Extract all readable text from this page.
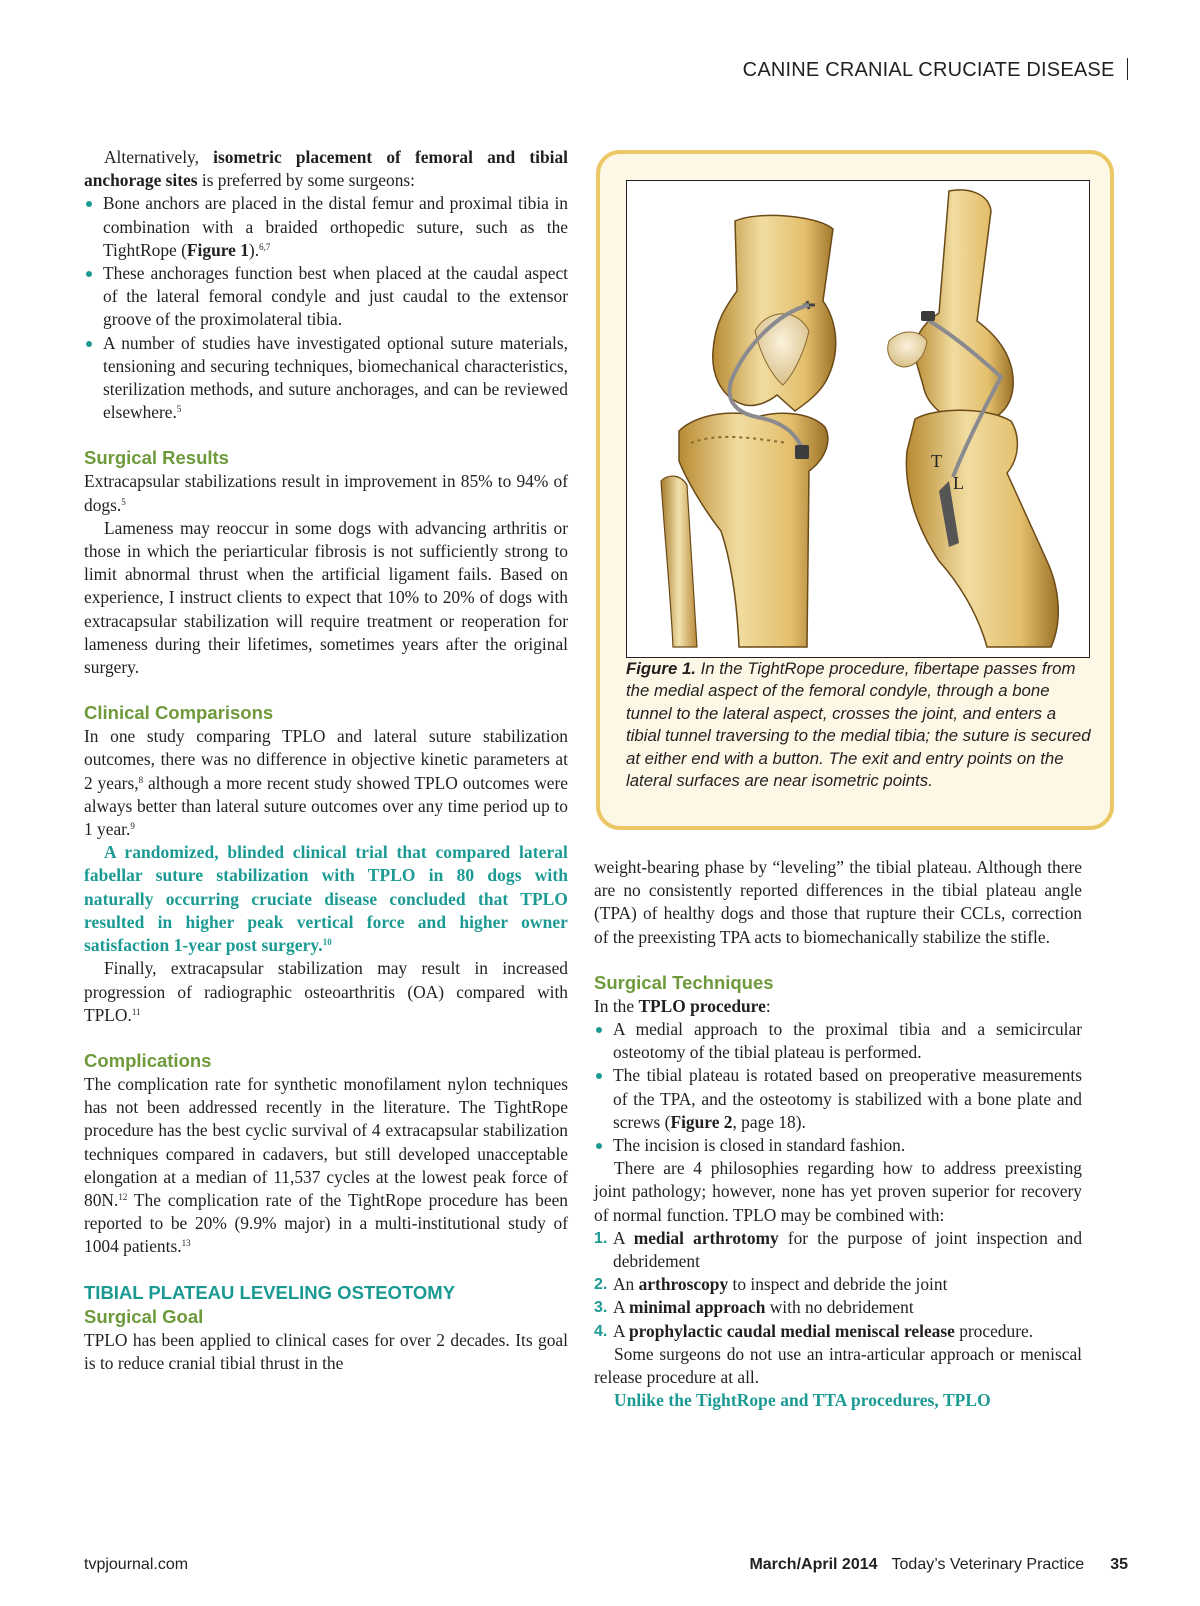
CANINE CRANIAL CRUCIATE DISEASE

Alternatively, isometric placement of femoral and tibial anchorage sites is preferred by some surgeons:

Bone anchors are placed in the distal femur and proximal tibia in combination with a braided orthopedic suture, such as the TightRope (Figure 1).$^{6,7}$
These anchorages function best when placed at the caudal aspect of the lateral femoral condyle and just caudal to the extensor groove of the proximolateral tibia.
A number of studies have investigated optional suture materials, tensioning and securing techniques, biomechanical characteristics, sterilization methods, and suture anchorages, and can be reviewed elsewhere.$^5$
Surgical Results

Extracapsular stabilizations result in improvement in 85% to 94% of dogs.$^5$

Lameness may reoccur in some dogs with advancing arthritis or those in which the periarticular fibrosis is not sufficiently strong to limit abnormal thrust when the artificial ligament fails. Based on experience, I instruct clients to expect that 10% to 20% of dogs with extracapsular stabilization will require treatment or reoperation for lameness during their lifetimes, sometimes years after the original surgery.

Clinical Comparisons

In one study comparing TPLO and lateral suture stabilization outcomes, there was no difference in objective kinetic parameters at 2 years,$^8$ although a more recent study showed TPLO outcomes were always better than lateral suture outcomes over any time period up to 1 year.$^9$

A randomized, blinded clinical trial that compared lateral fabellar suture stabilization with TPLO in 80 dogs with naturally occurring cruciate disease concluded that TPLO resulted in higher peak vertical force and higher owner satisfaction 1-year post surgery.$^{10}$

Finally, extracapsular stabilization may result in increased progression of radiographic osteoarthritis (OA) compared with TPLO.$^{11}$

Complications

The complication rate for synthetic monofilament nylon techniques has not been addressed recently in the literature. The TightRope procedure has the best cyclic survival of 4 extracapsular stabilization techniques compared in cadavers, but still developed unacceptable elongation at a median of 11,537 cycles at the lowest peak force of 80N.$^{12}$ The complication rate of the TightRope procedure has been reported to be 20% (9.9% major) in a multi-institutional study of 1004 patients.$^{13}$

TIBIAL PLATEAU LEVELING OSTEOTOMY
Surgical Goal

TPLO has been applied to clinical cases for over 2 decades. Its goal is to reduce cranial tibial thrust in the

T
L
Figure 1. In the TightRope procedure, fibertape passes from the medial aspect of the femoral condyle, through a bone tunnel to the lateral aspect, crosses the joint, and enters a tibial tunnel traversing to the medial tibia; the suture is secured at either end with a button. The exit and entry points on the lateral surfaces are near isometric points.

weight-bearing phase by “leveling” the tibial plateau. Although there are no consistently reported differences in the tibial plateau angle (TPA) of healthy dogs and those that rupture their CCLs, correction of the preexisting TPA acts to biomechanically stabilize the stifle.

Surgical Techniques

In the TPLO procedure:

A medial approach to the proximal tibia and a semicircular osteotomy of the tibial plateau is performed.
The tibial plateau is rotated based on preoperative measurements of the TPA, and the osteotomy is stabilized with a bone plate and screws (Figure 2, page 18).
The incision is closed in standard fashion.

There are 4 philosophies regarding how to address preexisting joint pathology; however, none has yet proven superior for recovery of normal function. TPLO may be combined with:

1. A medial arthrotomy for the purpose of joint inspection and debridement
2. An arthroscopy to inspect and debride the joint
3. A minimal approach with no debridement
4. A prophylactic caudal medial meniscal release procedure.

Some surgeons do not use an intra-articular approach or meniscal release procedure at all.

Unlike the TightRope and TTA procedures, TPLO

tvpjournal.com	March/April 2014 Today’s Veterinary Practice 35
